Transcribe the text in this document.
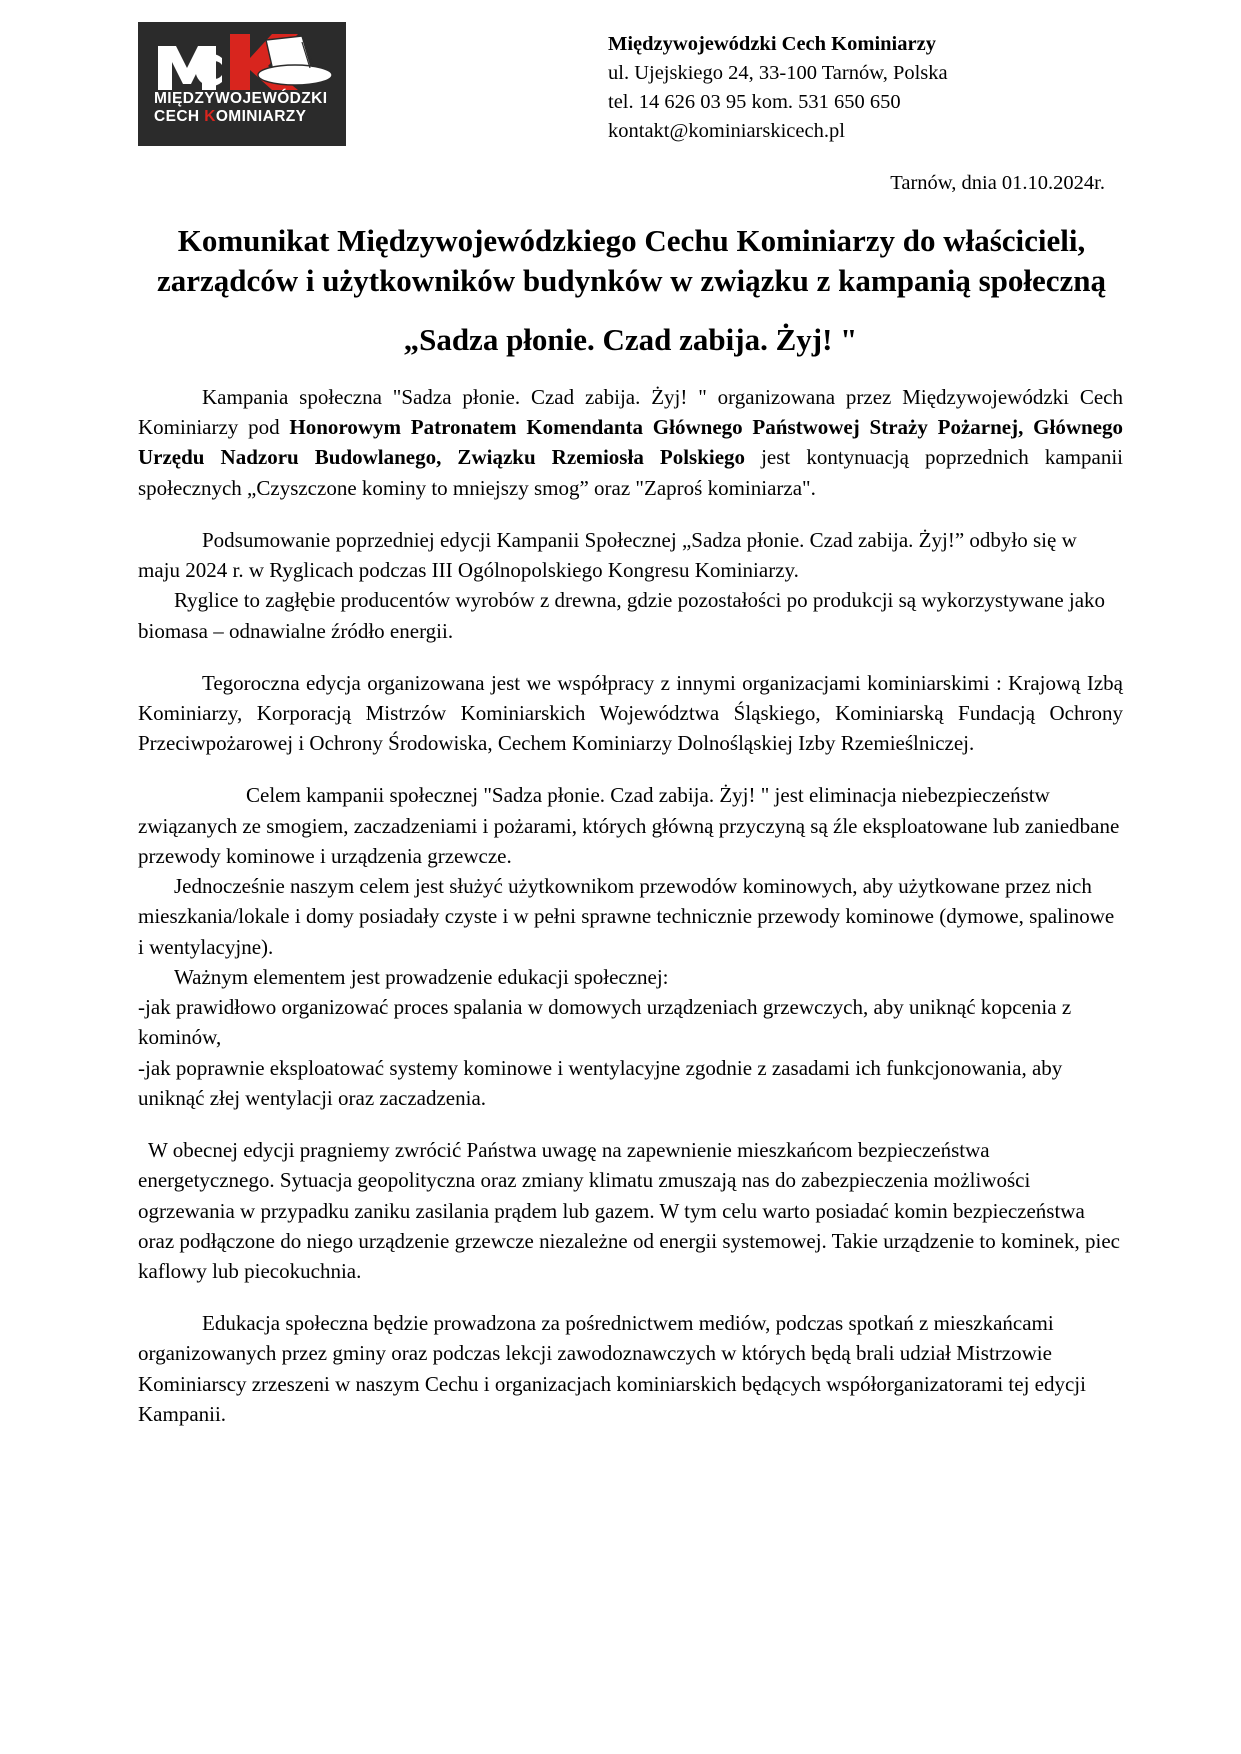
MIĘDZYWOJEWÓDZKI
CECH KOMINIARZY
Międzywojewódzki Cech Kominiarzy
ul. Ujejskiego 24, 33-100 Tarnów, Polska
tel. 14 626 03 95 kom. 531 650 650
kontakt@kominiarskicech.pl
Tarnów, dnia 01.10.2024r.
Komunikat Międzywojewódzkiego Cechu Kominiarzy do właścicieli, zarządców i użytkowników budynków w związku z kampanią społeczną
„Sadza płonie. Czad zabija. Żyj! "

Kampania społeczna "Sadza płonie. Czad zabija. Żyj! " organizowana przez Międzywojewódzki Cech Kominiarzy pod Honorowym Patronatem Komendanta Głównego Państwowej Straży Pożarnej, Głównego Urzędu Nadzoru Budowlanego, Związku Rzemiosła Polskiego jest kontynuacją poprzednich kampanii społecznych „Czyszczone kominy to mniejszy smog” oraz "Zaproś kominiarza".

Podsumowanie poprzedniej edycji Kampanii Społecznej „Sadza płonie. Czad zabija. Żyj!” odbyło się w maju 2024 r. w Ryglicach podczas III Ogólnopolskiego Kongresu Kominiarzy.

Ryglice to zagłębie producentów wyrobów z drewna, gdzie pozostałości po produkcji są wykorzystywane jako biomasa – odnawialne źródło energii.

Tegoroczna edycja organizowana jest we współpracy z innymi organizacjami kominiarskimi : Krajową Izbą Kominiarzy, Korporacją Mistrzów Kominiarskich Województwa Śląskiego, Kominiarską Fundacją Ochrony Przeciwpożarowej i Ochrony Środowiska, Cechem Kominiarzy Dolnośląskiej Izby Rzemieślniczej.

Celem kampanii społecznej "Sadza płonie. Czad zabija. Żyj! " jest eliminacja niebezpieczeństw związanych ze smogiem, zaczadzeniami i pożarami, których główną przyczyną są źle eksploatowane lub zaniedbane przewody kominowe i urządzenia grzewcze.

Jednocześnie naszym celem jest służyć użytkownikom przewodów kominowych, aby użytkowane przez nich mieszkania/lokale i domy posiadały czyste i w pełni sprawne technicznie przewody kominowe (dymowe, spalinowe i wentylacyjne).

Ważnym elementem jest prowadzenie edukacji społecznej:

-jak prawidłowo organizować proces spalania w domowych urządzeniach grzewczych, aby uniknąć kopcenia z kominów,

-jak poprawnie eksploatować systemy kominowe i wentylacyjne zgodnie z zasadami ich funkcjonowania, aby uniknąć złej wentylacji oraz zaczadzenia.

W obecnej edycji pragniemy zwrócić Państwa uwagę na zapewnienie mieszkańcom bezpieczeństwa energetycznego. Sytuacja geopolityczna oraz zmiany klimatu zmuszają nas do zabezpieczenia możliwości ogrzewania w przypadku zaniku zasilania prądem lub gazem. W tym celu warto posiadać komin bezpieczeństwa oraz podłączone do niego urządzenie grzewcze niezależne od energii systemowej. Takie urządzenie to kominek, piec kaflowy lub piecokuchnia.

Edukacja społeczna będzie prowadzona za pośrednictwem mediów, podczas spotkań z mieszkańcami organizowanych przez gminy oraz podczas lekcji zawodoznawczych w których będą brali udział Mistrzowie Kominiarscy zrzeszeni w naszym Cechu i organizacjach kominiarskich będących współorganizatorami tej edycji Kampanii.
